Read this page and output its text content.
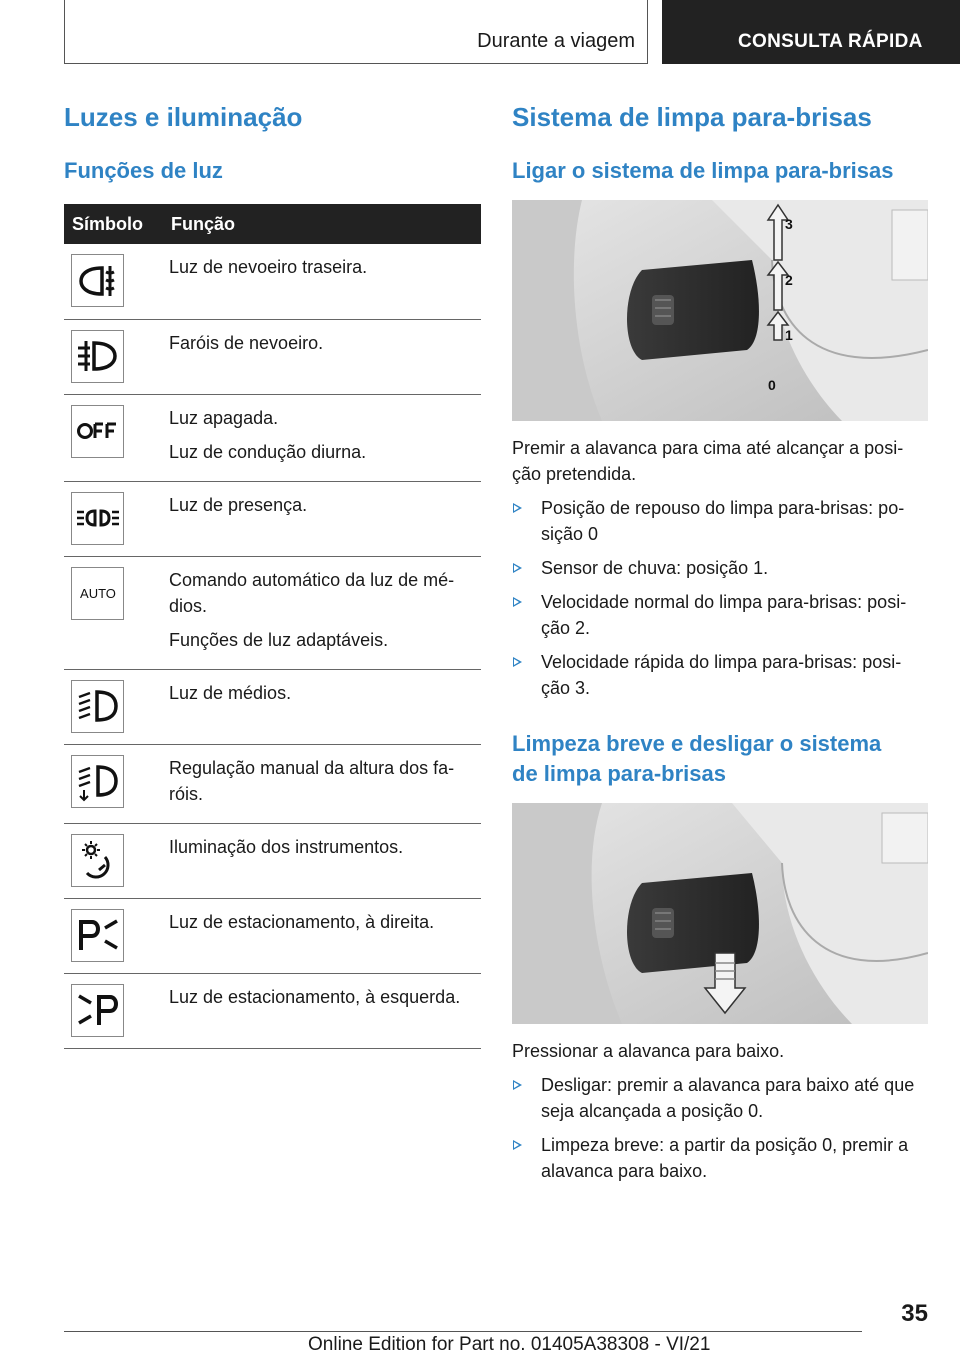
Durante a viagem	CONSULTA RÁPIDA
Luzes e iluminação
Funções de luz
Símbolo	Função

Luz de nevoeiro traseira.

Faróis de nevoeiro.

Luz apagada.
Luz de condução diurna.

Luz de presença.

AUTO	Comando automático da luz de mé-dios.
Funções de luz adaptáveis.

Luz de médios.

Regulação manual da altura dos fa-róis.

Iluminação dos instrumentos.

Luz de estacionamento, à direita.

Luz de estacionamento, à esquerda.
Sistema de limpa para-brisas
Ligar o sistema de limpa para-brisas
3
2
1
0

Premir a alavanca para cima até alcançar a posi-ção pretendida.

Posição de repouso do limpa para-brisas: po-sição 0
Sensor de chuva: posição 1.
Velocidade normal do limpa para-brisas: posi-ção 2.
Velocidade rápida do limpa para-brisas: posi-ção 3.
Limpeza breve e desligar o sistema
de limpa para-brisas

Pressionar a alavanca para baixo.

Desligar: premir a alavanca para baixo até que seja alcançada a posição 0.
Limpeza breve: a partir da posição 0, premir a alavanca para baixo.
35
Online Edition for Part no. 01405A38308 - VI/21
